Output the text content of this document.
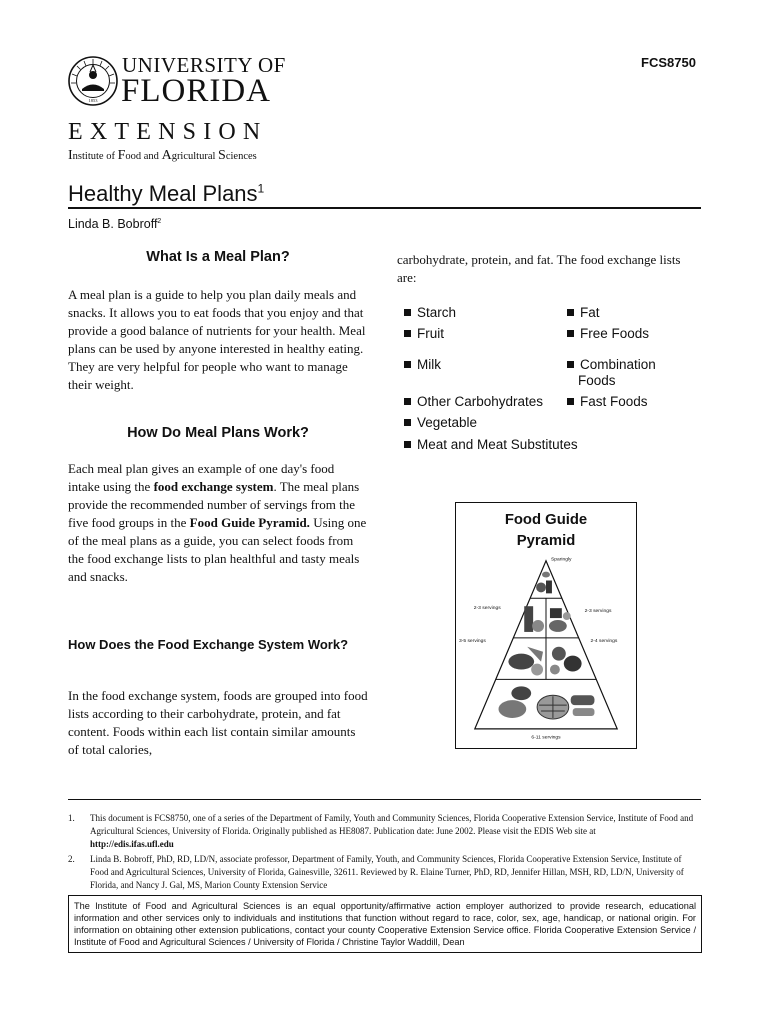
1853
UNIVERSITY OF
FLORIDA
EXTENSION
Institute of Food and Agricultural Sciences
FCS8750
Healthy Meal Plans$^1$
Linda B. Bobroff$^2$
What Is a Meal Plan?
A meal plan is a guide to help you plan daily meals and snacks. It allows you to eat foods that you enjoy and that provide a good balance of nutrients for your health. Meal plans can be used by anyone interested in healthy eating. They are very helpful for people who want to manage their weight.
How Do Meal Plans Work?
Each meal plan gives an example of one day's food intake using the food exchange system. The meal plans provide the recommended number of servings from the five food groups in the Food Guide Pyramid. Using one of the meal plans as a guide, you can select foods from the food exchange lists to plan healthful and tasty meals and snacks.
How Does the Food Exchange System Work?
In the food exchange system, foods are grouped into food lists according to their carbohydrate, protein, and fat content. Foods within each list contain similar amounts of total calories,
carbohydrate, protein, and fat. The food exchange lists are:
Starch	Fat
Fruit	Free Foods
Milk	Combination
Foods
Other Carbohydrates	Fast Foods
Vegetable
Meat and Meat Substitutes
Food Guide
Pyramid
Sparingly
2-3 servings
2-3 servings
3-5 servings	2-4 servings
6-11 servings
1. This document is FCS8750, one of a series of the Department of Family, Youth and Community Sciences, Florida Cooperative Extension Service, Institute of Food and Agricultural Sciences, University of Florida. Originally published as HE8087. Publication date: June 2002. Please visit the EDIS Web site at
http://edis.ifas.ufl.edu
2. Linda B. Bobroff, PhD, RD, LD/N, associate professor, Department of Family, Youth, and Community Sciences, Florida Cooperative Extension Service, Institute of Food and Agricultural Sciences, University of Florida, Gainesville, 32611. Reviewed by R. Elaine Turner, PhD, RD, Jennifer Hillan, MSH, RD, LD/N, University of Florida, and Nancy J. Gal, MS, Marion County Extension Service
The Institute of Food and Agricultural Sciences is an equal opportunity/affirmative action employer authorized to provide research, educational information and other services only to individuals and institutions that function without regard to race, color, sex, age, handicap, or national origin. For information on obtaining other extension publications, contact your county Cooperative Extension Service office. Florida Cooperative Extension Service / Institute of Food and Agricultural Sciences / University of Florida / Christine Taylor Waddill, Dean
